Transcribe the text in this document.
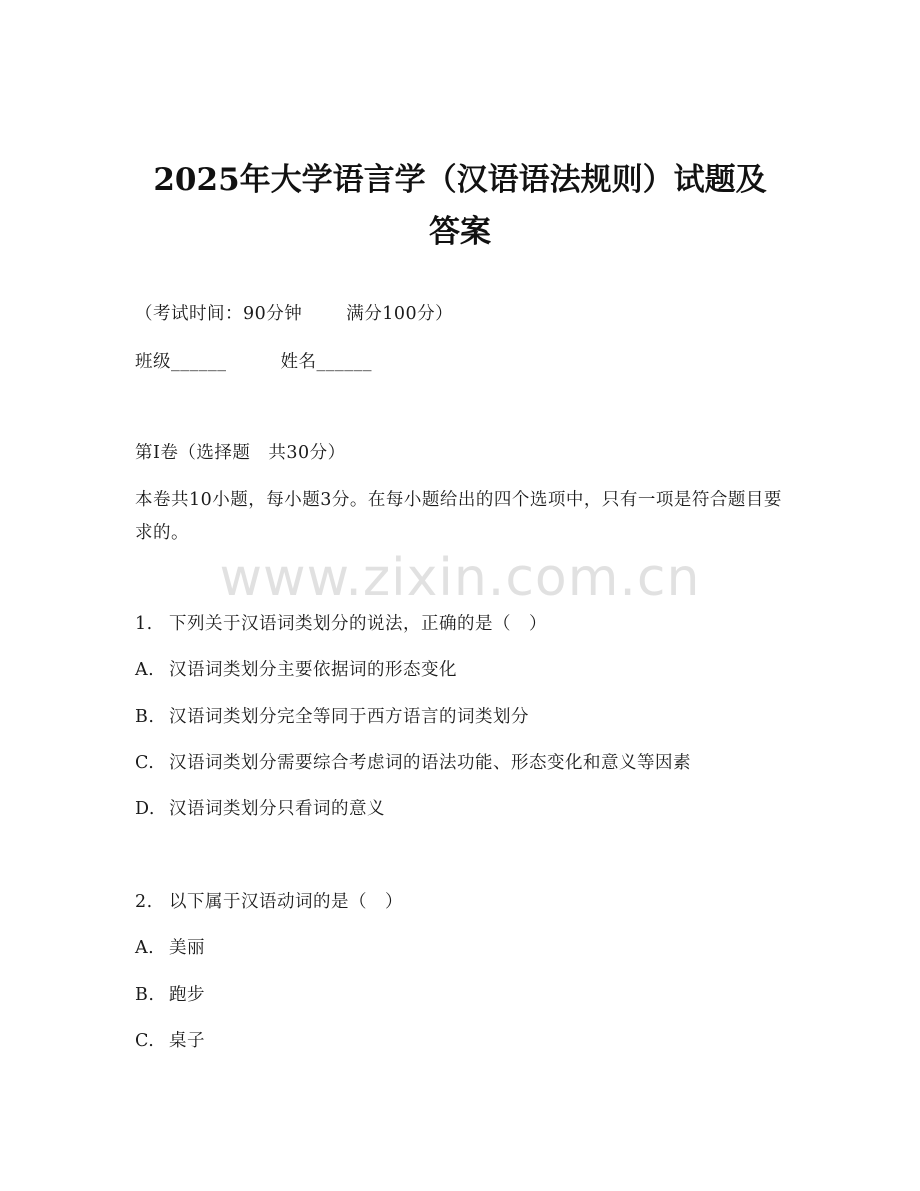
2025年大学语言学（汉语语法规则）试题及
答案
（考试时间：90分钟	满分100分）
班级______	姓名______
第Ⅰ卷（选择题　共30分）
本卷共10小题，每小题3分。在每小题给出的四个选项中，只有一项是符合题目要求的。
www.zixin.com.cn
1. 下列关于汉语词类划分的说法，正确的是（　）
A. 汉语词类划分主要依据词的形态变化
B. 汉语词类划分完全等同于西方语言的词类划分
C. 汉语词类划分需要综合考虑词的语法功能、形态变化和意义等因素
D. 汉语词类划分只看词的意义
2. 以下属于汉语动词的是（　）
A. 美丽
B. 跑步
C. 桌子
